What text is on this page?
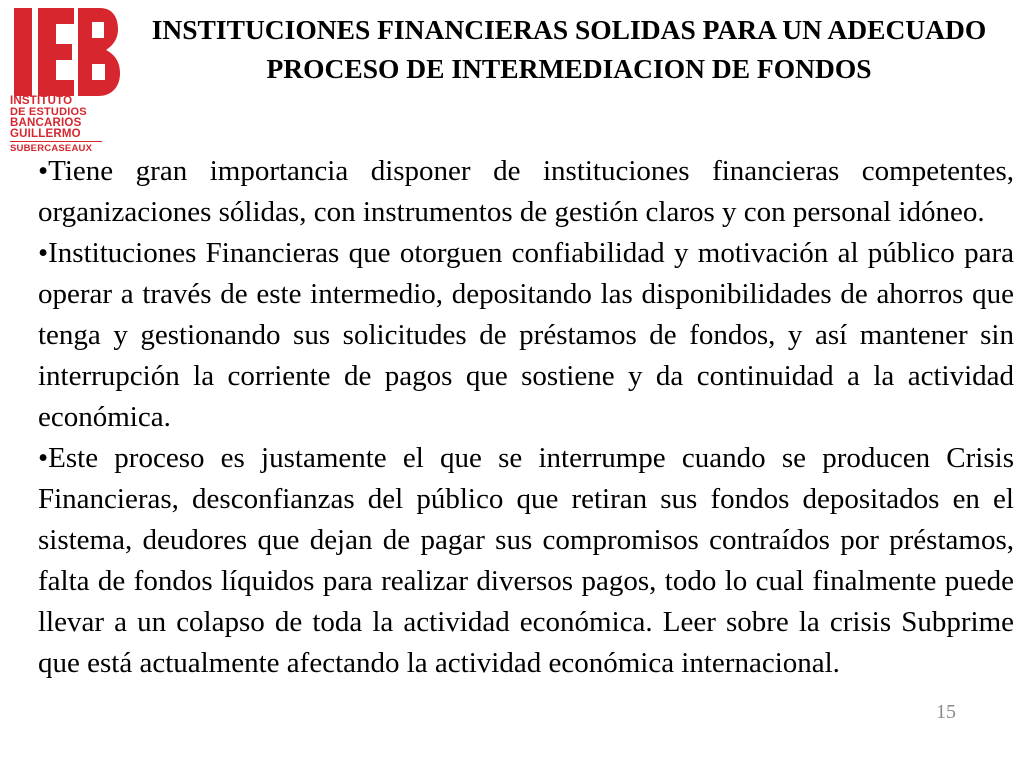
INSTITUTO
DE ESTUDIOS
BANCARIOS
GUILLERMO
SUBERCASEAUX
INSTITUCIONES FINANCIERAS SOLIDAS PARA UN ADECUADO PROCESO DE INTERMEDIACION DE FONDOS

•Tiene gran importancia disponer de instituciones financieras competentes, organizaciones sólidas, con instrumentos de gestión claros y con personal idóneo.

•Instituciones Financieras que otorguen confiabilidad y motivación al público para operar a través de este intermedio, depositando las disponibilidades de ahorros que tenga y gestionando sus solicitudes de préstamos de fondos, y así mantener sin interrupción la corriente de pagos que sostiene y da continuidad a la actividad económica.

•Este proceso es justamente el que se interrumpe cuando se producen Crisis Financieras, desconfianzas del público que retiran sus fondos depositados en el sistema, deudores que dejan de pagar sus compromisos contraídos por préstamos, falta de fondos líquidos para realizar diversos pagos, todo lo cual finalmente puede llevar a un colapso de toda la actividad económica. Leer sobre la crisis Subprime que está actualmente afectando la actividad económica internacional.

15
